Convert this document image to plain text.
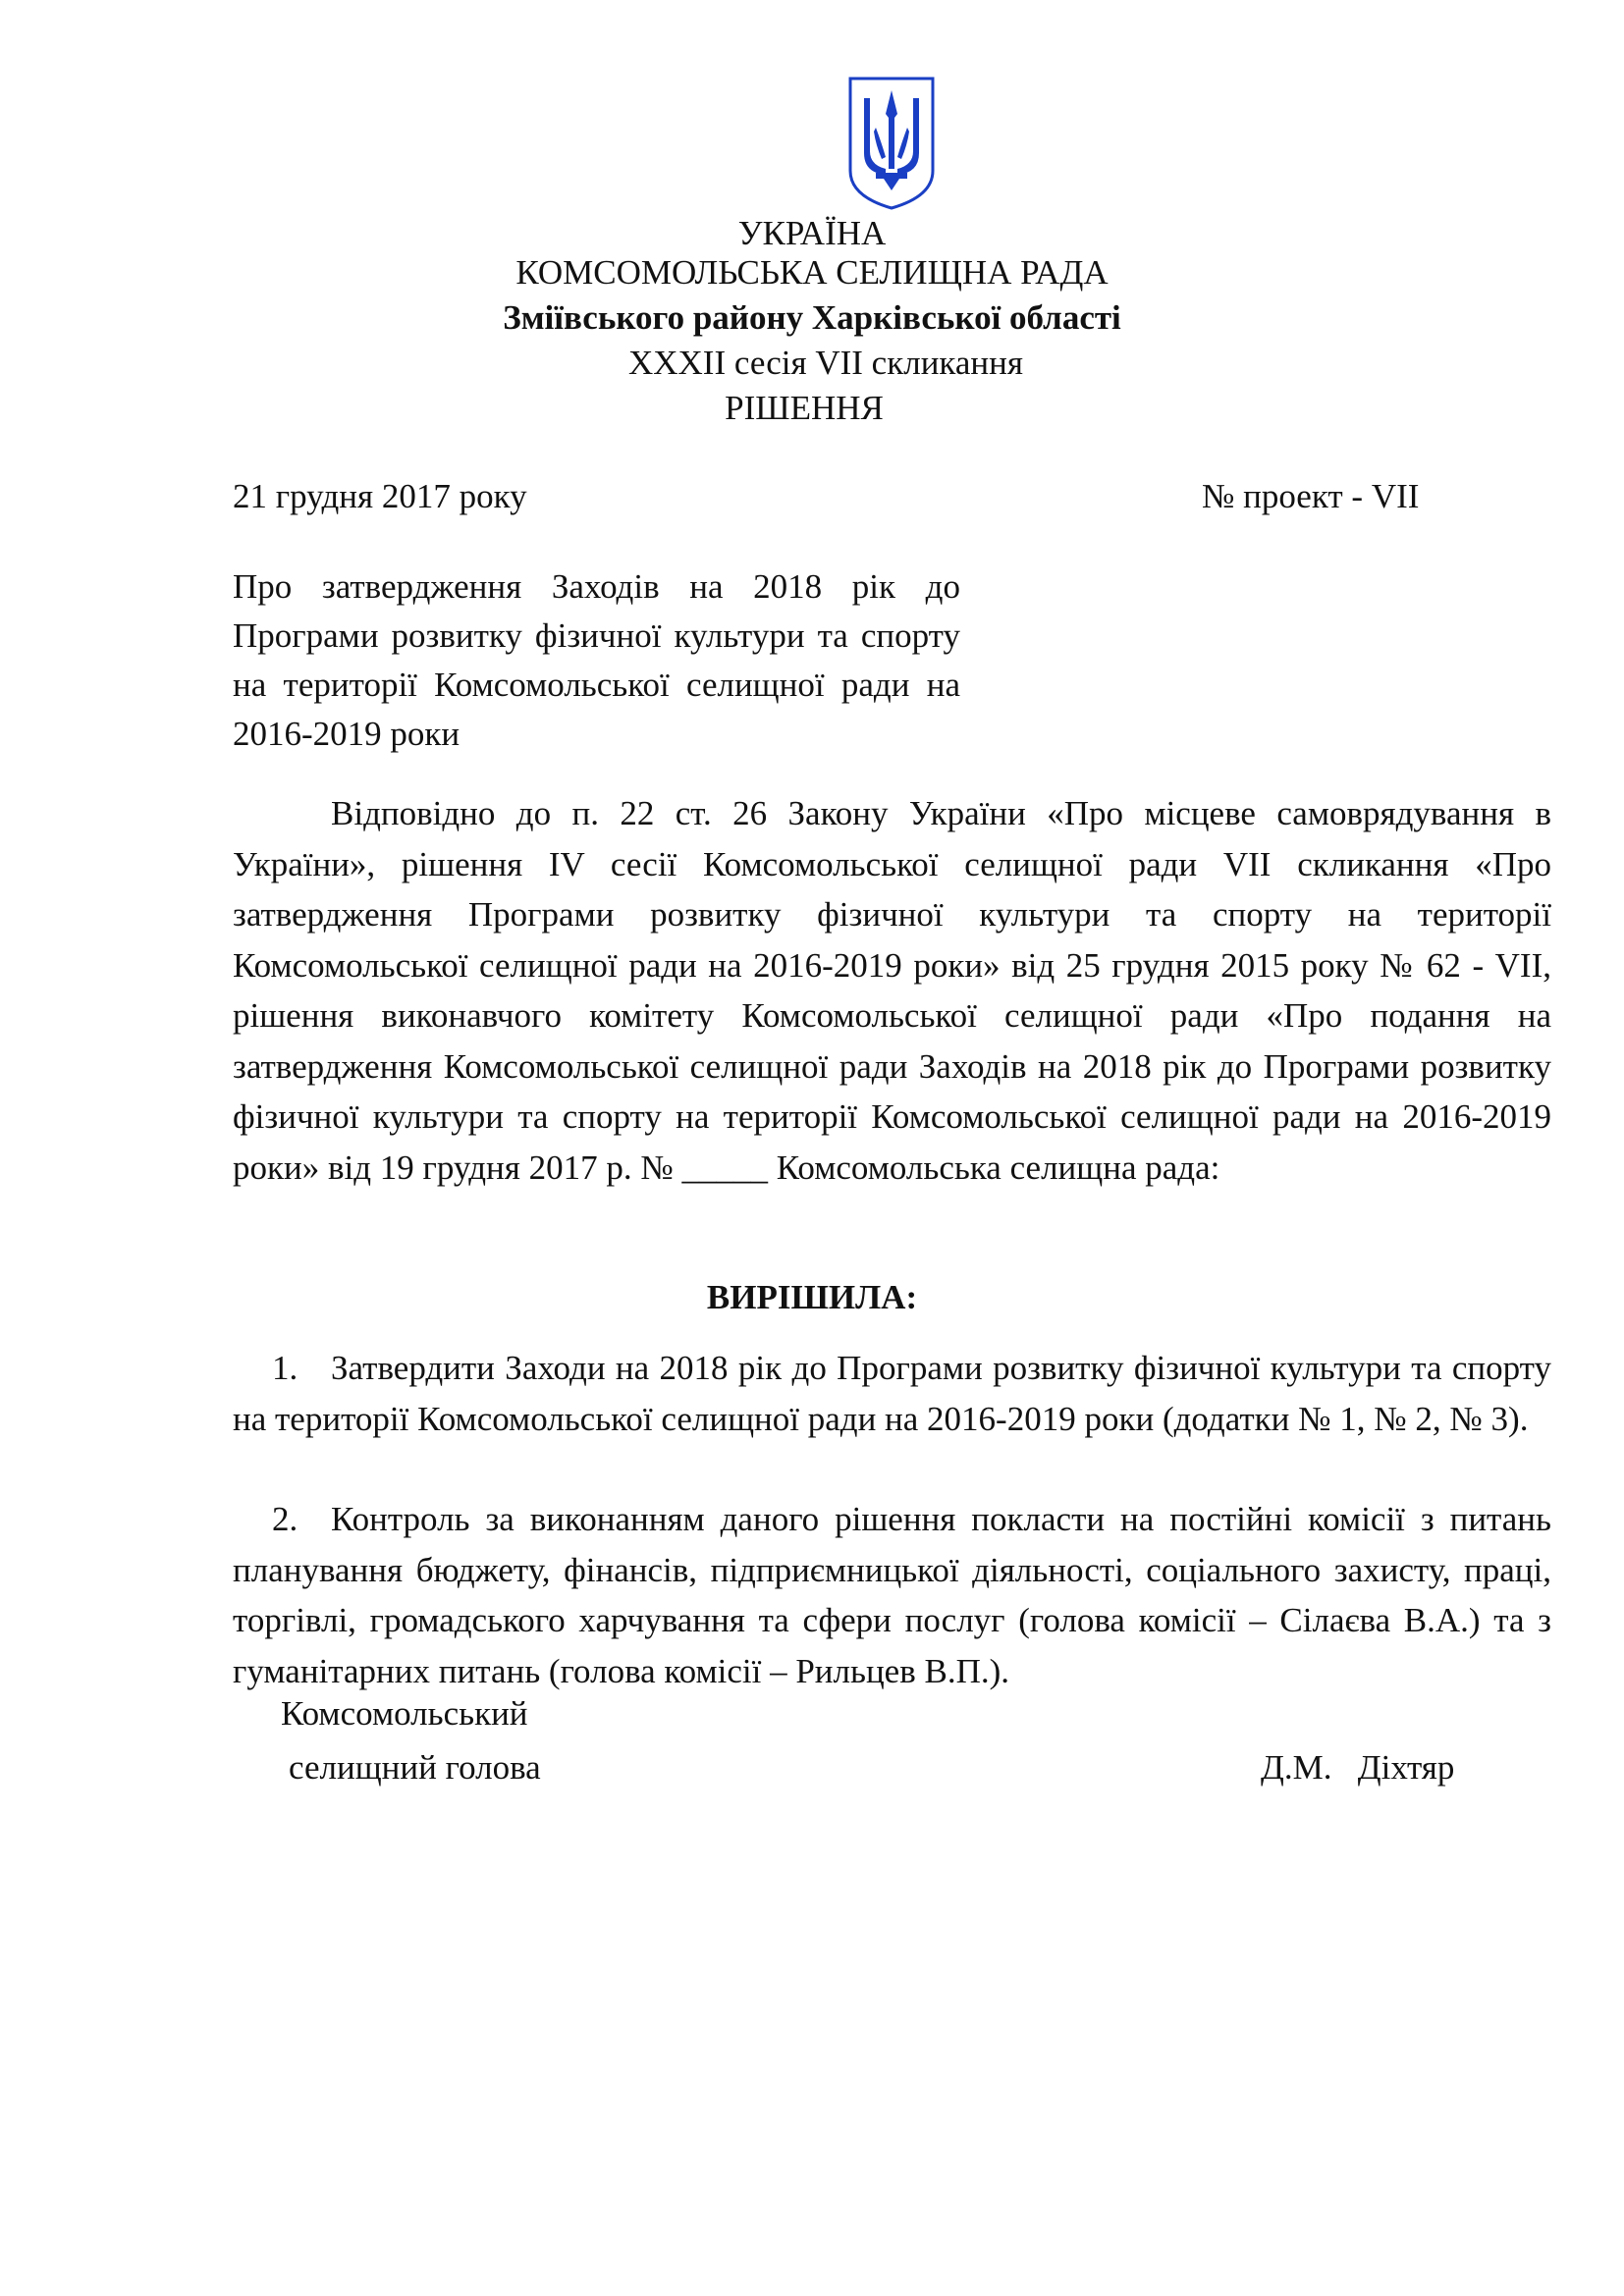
УКРАЇНА
КОМСОМОЛЬСЬКА СЕЛИЩНА РАДА
Зміївського району Харківської області
XXXII сесія VII скликання
РІШЕННЯ
21 грудня 2017 року	№ проект - VII
Про затвердження Заходів на 2018 рік до Програми розвитку фізичної культури та спорту на території Комсомольської селищної ради на 2016-2019 роки
Відповідно до п. 22 ст. 26 Закону України «Про місцеве самоврядування в України», рішення IV сесії Комсомольської селищної ради VII скликання «Про затвердження Програми розвитку фізичної культури та спорту на території Комсомольської селищної ради на 2016-2019 роки» від 25 грудня 2015 року № 62 - VII, рішення виконавчого комітету Комсомольської селищної ради «Про подання на затвердження Комсомольської селищної ради Заходів на 2018 рік до Програми розвитку фізичної культури та спорту на території Комсомольської селищної ради на 2016-2019 роки» від 19 грудня 2017 р. № _____ Комсомольська селищна рада:
ВИРІШИЛА:
1. Затвердити Заходи на 2018 рік до Програми розвитку фізичної культури та спорту на території Комсомольської селищної ради на 2016-2019 роки (додатки № 1, № 2, № 3).
2. Контроль за виконанням даного рішення покласти на постійні комісії з питань планування бюджету, фінансів, підприємницької діяльності, соціального захисту, праці, торгівлі, громадського харчування та сфери послуг (голова комісії – Сілаєва В.А.) та з гуманітарних питань (голова комісії – Рильцев В.П.).
Комсомольський
селищний голова	Д.М.   Діхтяр
